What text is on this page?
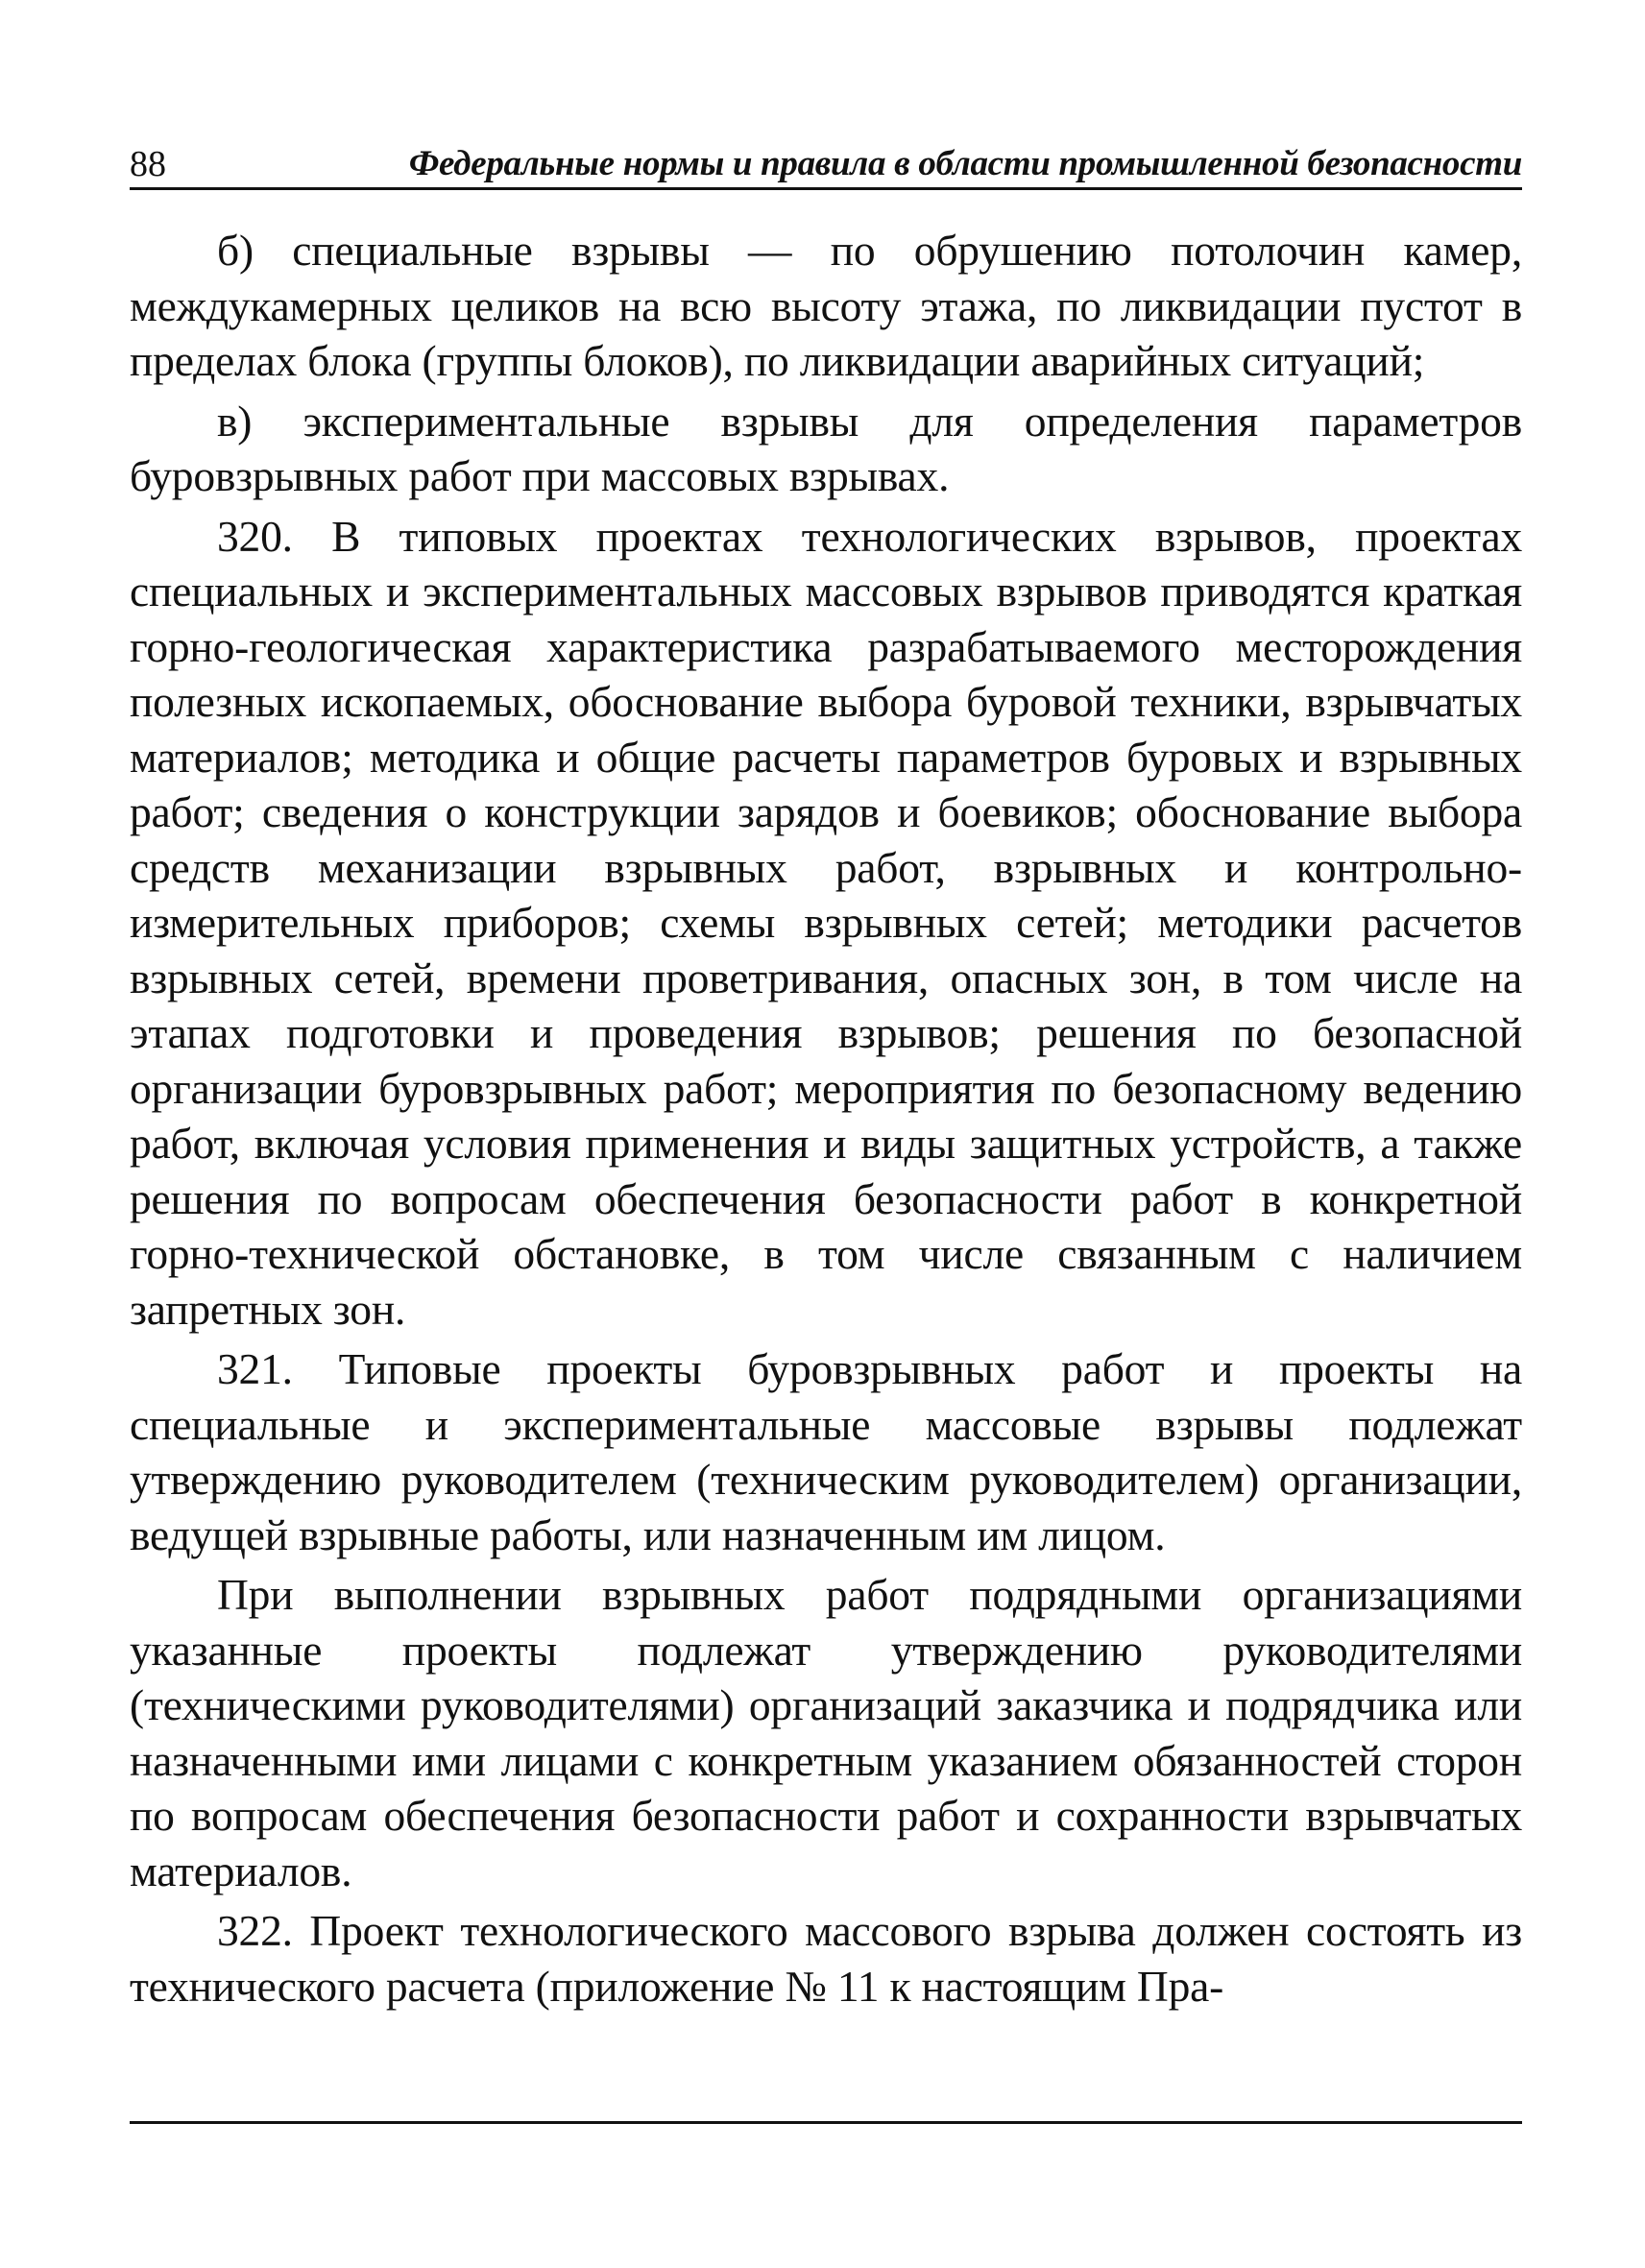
88	Федеральные нормы и правила в области промышленной безопасности

б) специальные взрывы — по обрушению потолочин камер, междукамерных целиков на всю высоту этажа, по ликвидации пустот в пределах блока (группы блоков), по ликвидации аварийных ситуаций;

в) экспериментальные взрывы для определения параметров буровзрывных работ при массовых взрывах.

320. В типовых проектах технологических взрывов, проектах специальных и экспериментальных массовых взрывов приводятся краткая горно-геологическая характеристика разрабатываемого месторождения полезных ископаемых, обоснование выбора буровой техники, взрывчатых материалов; методика и общие расчеты параметров буровых и взрывных работ; сведения о конструкции зарядов и боевиков; обоснование выбора средств механизации взрывных работ, взрывных и контрольно-измерительных приборов; схемы взрывных сетей; методики расчетов взрывных сетей, времени проветривания, опасных зон, в том числе на этапах подготовки и проведения взрывов; решения по безопасной организации буровзрывных работ; мероприятия по безопасному ведению работ, включая условия применения и виды защитных устройств, а также решения по вопросам обеспечения безопасности работ в конкретной горно-технической обстановке, в том числе связанным с наличием запретных зон.

321. Типовые проекты буровзрывных работ и проекты на специальные и экспериментальные массовые взрывы подлежат утверждению руководителем (техническим руководителем) организации, ведущей взрывные работы, или назначенным им лицом.

При выполнении взрывных работ подрядными организациями указанные проекты подлежат утверждению руководителями (техническими руководителями) организаций заказчика и подрядчика или назначенными ими лицами с конкретным указанием обязанностей сторон по вопросам обеспечения безопасности работ и сохранности взрывчатых материалов.

322. Проект технологического массового взрыва должен состоять из технического расчета (приложение № 11 к настоящим Пра-
